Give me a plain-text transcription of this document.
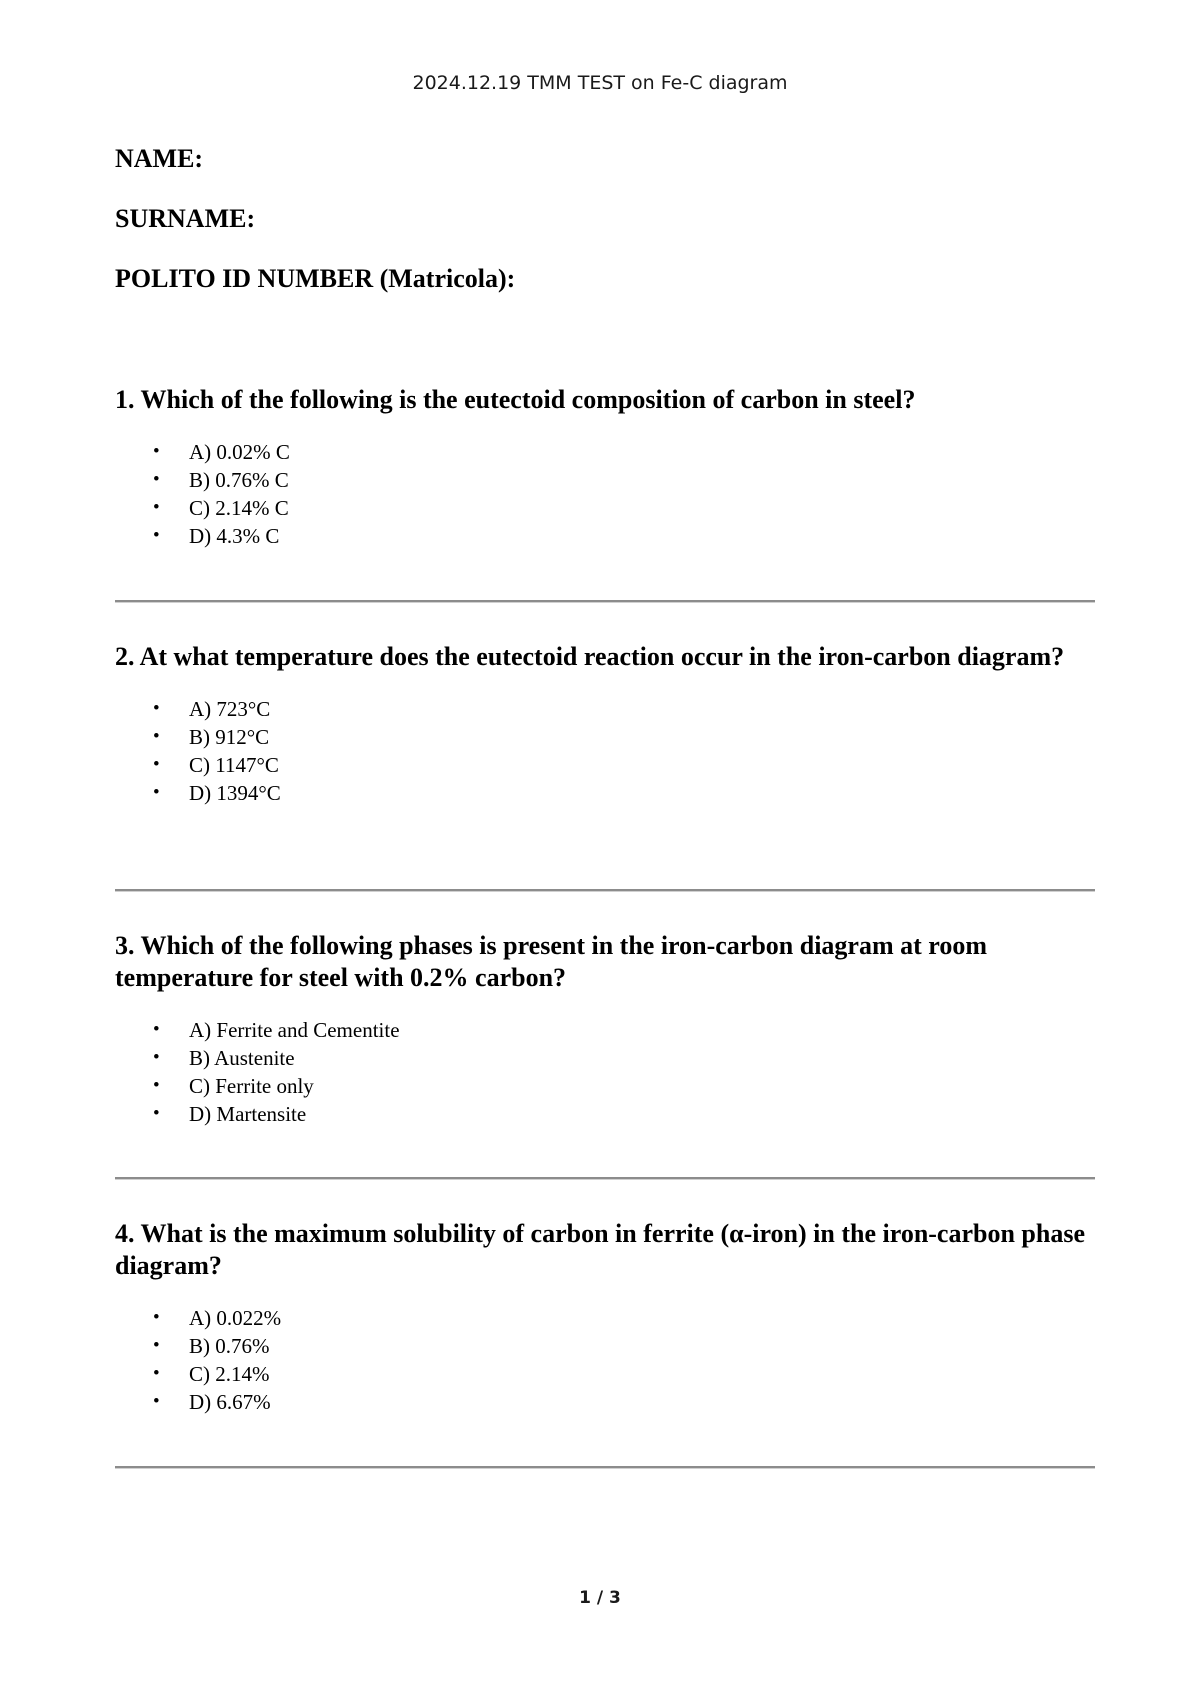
2024.12.19 TMM TEST on Fe-C diagram

NAME:

SURNAME:

POLITO ID NUMBER (Matricola):

1. Which of the following is the eutectoid composition of carbon in steel?
• A) 0.02% C
• B) 0.76% C
• C) 2.14% C
• D) 4.3% C
2. At what temperature does the eutectoid reaction occur in the iron-carbon diagram?
• A) 723°C
• B) 912°C
• C) 1147°C
• D) 1394°C
3. Which of the following phases is present in the iron-carbon diagram at room temperature for steel with 0.2% carbon?
• A) Ferrite and Cementite
• B) Austenite
• C) Ferrite only
• D) Martensite
4. What is the maximum solubility of carbon in ferrite (α-iron) in the iron-carbon phase diagram?
• A) 0.022%
• B) 0.76%
• C) 2.14%
• D) 6.67%
1 / 3
